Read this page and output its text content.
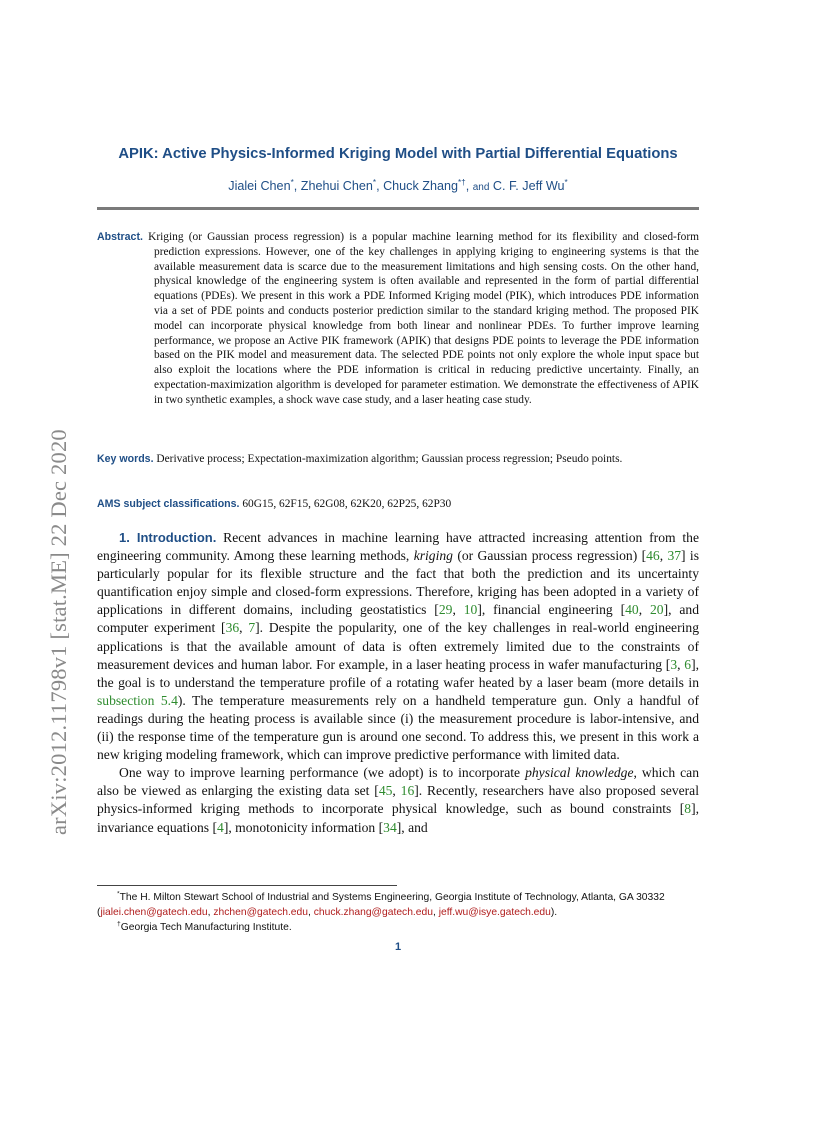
arXiv:2012.11798v1 [stat.ME] 22 Dec 2020
APIK: Active Physics-Informed Kriging Model with Partial Differential Equations
Jialei Chen*, Zhehui Chen*, Chuck Zhang*†, and C. F. Jeff Wu*
Abstract. Kriging (or Gaussian process regression) is a popular machine learning method for its flexibility and closed-form prediction expressions. However, one of the key challenges in applying kriging to engineering systems is that the available measurement data is scarce due to the measurement limitations and high sensing costs. On the other hand, physical knowledge of the engineering system is often available and represented in the form of partial differential equations (PDEs). We present in this work a PDE Informed Kriging model (PIK), which introduces PDE information via a set of PDE points and conducts posterior prediction similar to the standard kriging method. The proposed PIK model can incorporate physical knowledge from both linear and nonlinear PDEs. To further improve learning performance, we propose an Active PIK framework (APIK) that designs PDE points to leverage the PDE information based on the PIK model and measurement data. The selected PDE points not only explore the whole input space but also exploit the locations where the PDE information is critical in reducing predictive uncertainty. Finally, an expectation-maximization algorithm is developed for parameter estimation. We demonstrate the effectiveness of APIK in two synthetic examples, a shock wave case study, and a laser heating case study.
Key words. Derivative process; Expectation-maximization algorithm; Gaussian process regression; Pseudo points.
AMS subject classifications. 60G15, 62F15, 62G08, 62K20, 62P25, 62P30

1. Introduction. Recent advances in machine learning have attracted increasing attention from the engineering community. Among these learning methods, kriging (or Gaussian process regression) [46, 37] is particularly popular for its flexible structure and the fact that both the prediction and its uncertainty quantification enjoy simple and closed-form expressions. Therefore, kriging has been adopted in a variety of applications in different domains, including geostatistics [29, 10], financial engineering [40, 20], and computer experiment [36, 7]. Despite the popularity, one of the key challenges in real-world engineering applications is that the available amount of data is often extremely limited due to the constraints of measurement devices and human labor. For example, in a laser heating process in wafer manufacturing [3, 6], the goal is to understand the temperature profile of a rotating wafer heated by a laser beam (more details in subsection 5.4). The temperature measurements rely on a handheld temperature gun. Only a handful of readings during the heating process is available since (i) the measurement procedure is labor-intensive, and (ii) the response time of the temperature gun is around one second. To address this, we present in this work a new kriging modeling framework, which can improve predictive performance with limited data.

One way to improve learning performance (we adopt) is to incorporate physical knowledge, which can also be viewed as enlarging the existing data set [45, 16]. Recently, researchers have also proposed several physics-informed kriging methods to incorporate physical knowledge, such as bound constraints [8], invariance equations [4], monotonicity information [34], and

*The H. Milton Stewart School of Industrial and Systems Engineering, Georgia Institute of Technology, Atlanta, GA 30332 (jialei.chen@gatech.edu, zhchen@gatech.edu, chuck.zhang@gatech.edu, jeff.wu@isye.gatech.edu).

†Georgia Tech Manufacturing Institute.

1
